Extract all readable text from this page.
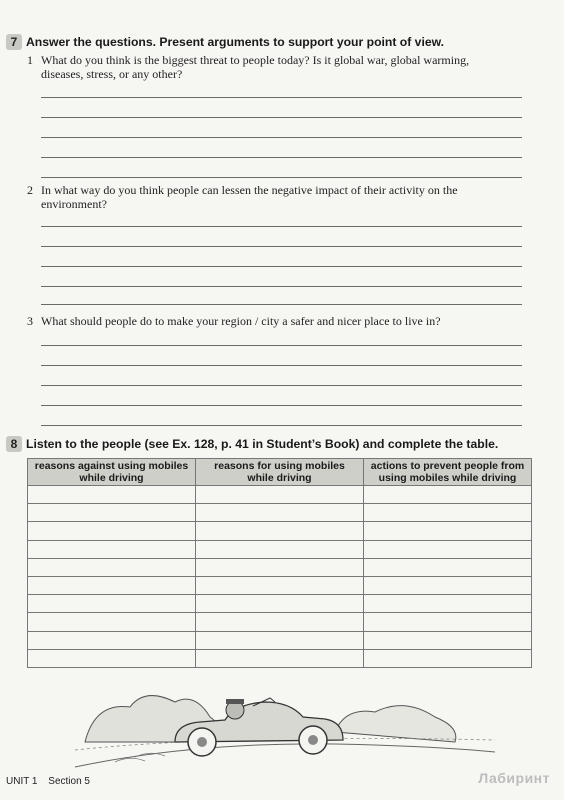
7 Answer the questions. Present arguments to support your point of view.
1 What do you think is the biggest threat to people today? Is it global war, global warming, diseases, stress, or any other?
2 In what way do you think people can lessen the negative impact of their activity on the environment?
3 What should people do to make your region / city a safer and nicer place to live in?
8 Listen to the people (see Ex. 128, p. 41 in Student’s Book) and complete the table.
reasons against using mobiles while driving	reasons for using mobiles while driving	actions to prevent people from using mobiles while driving

UNIT 1 Section 5	Лабиринт
